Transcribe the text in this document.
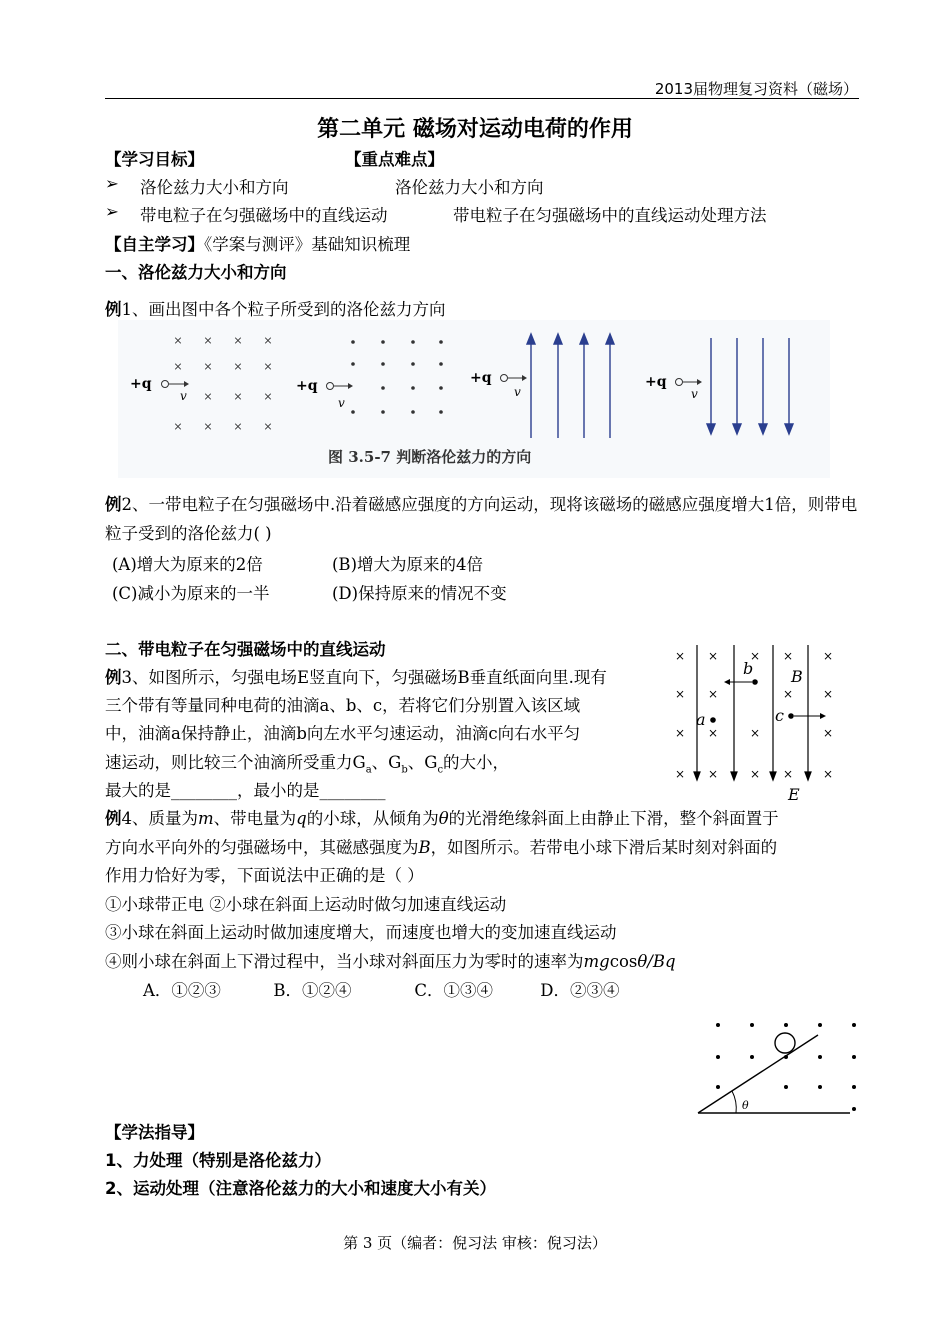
2013届物理复习资料（磁场）
第二单元 磁场对运动电荷的作用
【学习目标】	【重点难点】
➢ 洛伦兹力大小和方向	洛伦兹力大小和方向
➢ 带电粒子在匀强磁场中的直线运动	带电粒子在匀强磁场中的直线运动处理方法
【自主学习】《学案与测评》基础知识梳理
一、洛伦兹力大小和方向
例1、画出图中各个粒子所受到的洛伦兹力方向
× × × ×
× × × ×
× × ×
× × × ×
+q
v
+q
v
+q
v
+q
v
图 3.5-7 判断洛伦兹力的方向
例2、一带电粒子在匀强磁场中.沿着磁感应强度的方向运动，现将该磁场的磁感应强度增大1倍，则带电粒子受到的洛伦兹力( )
(A)增大为原来的2倍	(B)增大为原来的4倍
(C)减小为原来的一半	(D)保持原来的情况不变
二、带电粒子在匀强磁场中的直线运动
例3、如图所示，匀强电场E竖直向下，匀强磁场B垂直纸面向里.现有
三个带有等量同种电荷的油滴a、b、c，若将它们分别置入该区域
中，油滴a保持静止，油滴b向左水平匀速运动，油滴c向右水平匀
速运动，则比较三个油滴所受重力$G_a$、$G_b$、$G_c$的大小，
最大的是________，最小的是________
× ×	× × ×
× ×	× ×
× ×	×	×
× ×	× × ×
b B
a	c
E
例4、质量为m、带电量为q的小球，从倾角为θ的光滑绝缘斜面上由静止下滑，整个斜面置于
方向水平向外的匀强磁场中，其磁感强度为B，如图所示。若带电小球下滑后某时刻对斜面的
作用力恰好为零，下面说法中正确的是（ ）
①小球带正电 ②小球在斜面上运动时做匀加速直线运动
③小球在斜面上运动时做加速度增大，而速度也增大的变加速直线运动
④则小球在斜面上下滑过程中，当小球对斜面压力为零时的速率为mgcosθ/Bq
A．①②③          B．①②④            C．①③④         D．②③④
θ
【学法指导】
1、力处理（特别是洛伦兹力）
2、运动处理（注意洛伦兹力的大小和速度大小有关）
第 3 页（编者：倪习法 审核：倪习法）
